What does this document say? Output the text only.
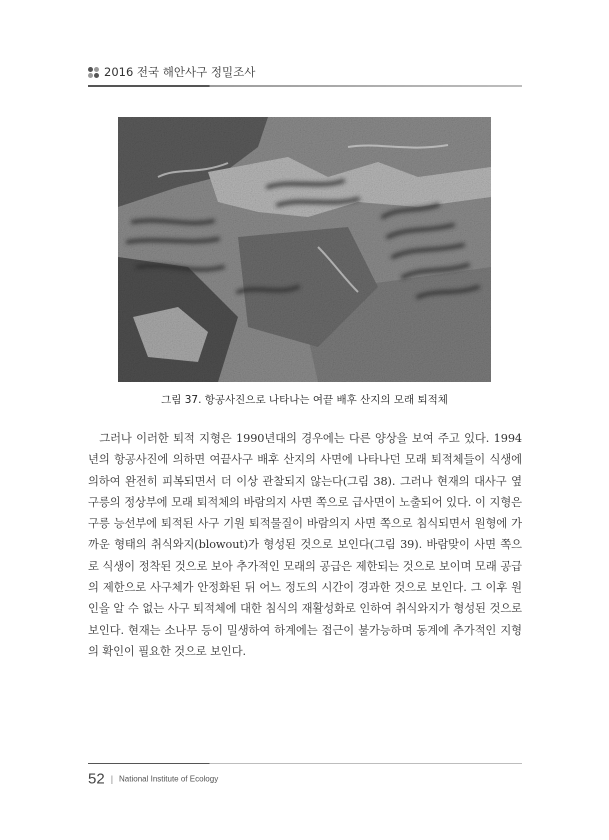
2016 전국 해안사구 정밀조사
그림 37. 항공사진으로 나타나는 여끝 배후 산지의 모래 퇴적체

그러나 이러한 퇴적 지형은 1990년대의 경우에는 다른 양상을 보여 주고 있다. 1994년의 항공사진에 의하면 여끝사구 배후 산지의 사면에 나타나던 모래 퇴적체들이 식생에 의하여 완전히 피복되면서 더 이상 관찰되지 않는다(그림 38). 그러나 현재의 대사구 옆 구릉의 정상부에 모래 퇴적체의 바람의지 사면 쪽으로 급사면이 노출되어 있다. 이 지형은 구릉 능선부에 퇴적된 사구 기원 퇴적물질이 바람의지 사면 쪽으로 침식되면서 원형에 가까운 형태의 취식와지(blowout)가 형성된 것으로 보인다(그림 39). 바람맞이 사면 쪽으로 식생이 정착된 것으로 보아 추가적인 모래의 공급은 제한되는 것으로 보이며 모래 공급의 제한으로 사구체가 안정화된 뒤 어느 정도의 시간이 경과한 것으로 보인다. 그 이후 원인을 알 수 없는 사구 퇴적체에 대한 침식의 재활성화로 인하여 취식와지가 형성된 것으로 보인다. 현재는 소나무 등이 밀생하여 하계에는 접근이 불가능하며 동계에 추가적인 지형의 확인이 필요한 것으로 보인다.

52 | National Institute of Ecology
